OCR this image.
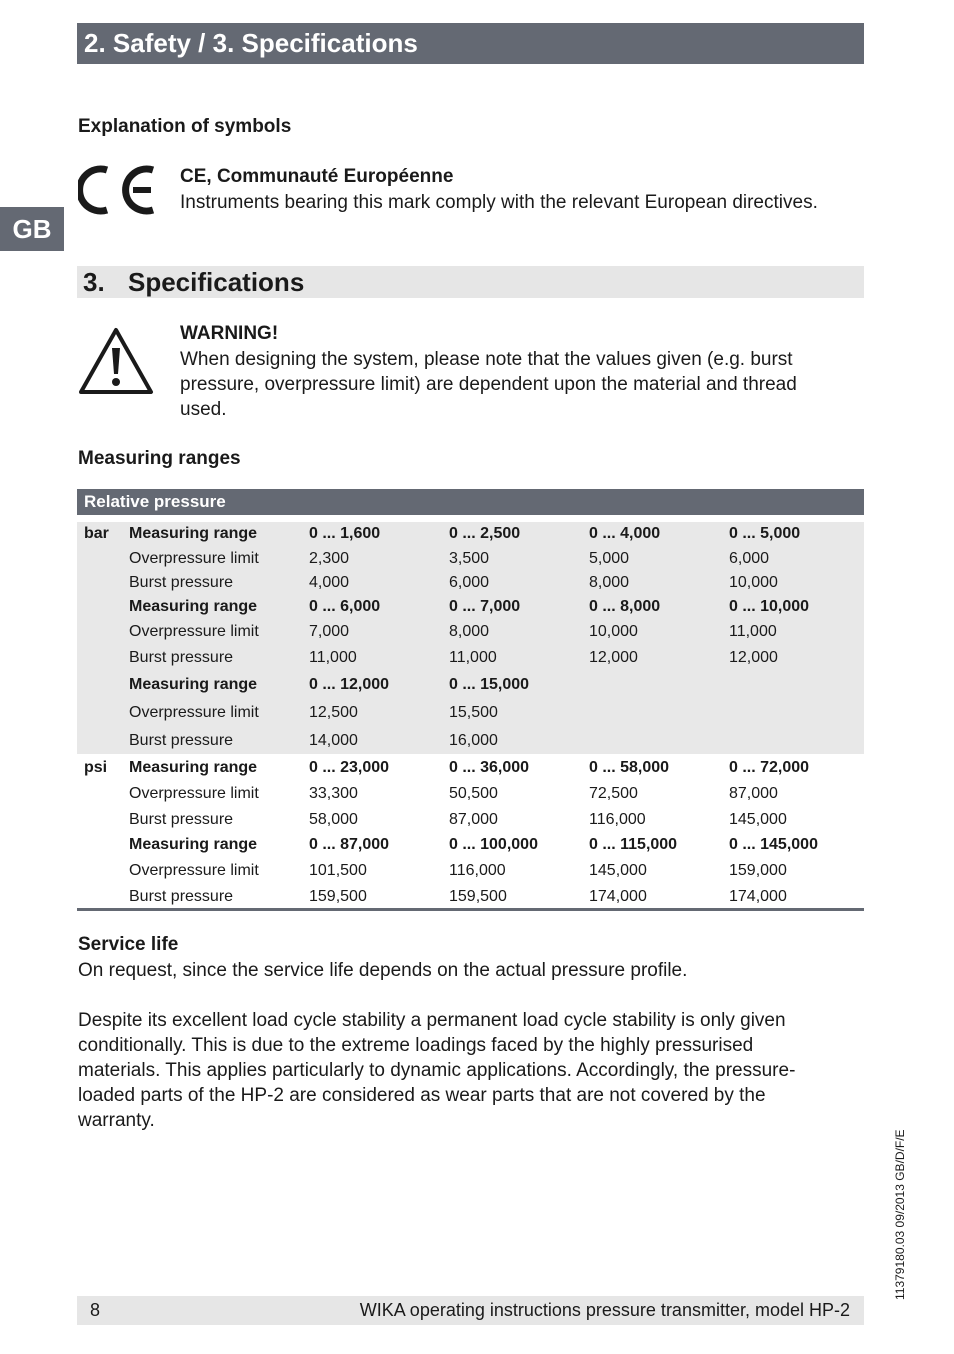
2. Safety / 3. Specifications
GB
Explanation of symbols
CE, Communauté Européenne
Instruments bearing this mark comply with the relevant European directives.
3. Specifications
WARNING!
When designing the system, please note that the values given (e.g. burst
pressure, overpressure limit) are dependent upon the material and thread
used.
Measuring ranges
Relative pressure
bar Measuring range	0 ... 1,600	0 ... 2,500	0 ... 4,000	0 ... 5,000
Overpressure limit	2,300	3,500	5,000	6,000
Burst pressure	4,000	6,000	8,000	10,000
Measuring range	0 ... 6,000	0 ... 7,000	0 ... 8,000	0 ... 10,000
Overpressure limit	7,000	8,000	10,000	11,000
Burst pressure	11,000	11,000	12,000	12,000
Measuring range	0 ... 12,000	0 ... 15,000
Overpressure limit	12,500	15,500
Burst pressure	14,000	16,000
psi Measuring range	0 ... 23,000	0 ... 36,000	0 ... 58,000	0 ... 72,000
Overpressure limit	33,300	50,500	72,500	87,000
Burst pressure	58,000	87,000	116,000	145,000
Measuring range	0 ... 87,000	0 ... 100,000	0 ... 115,000	0 ... 145,000
Overpressure limit	101,500	116,000	145,000	159,000
Burst pressure	159,500	159,500	174,000	174,000
Service life
On request, since the service life depends on the actual pressure profile.
Despite its excellent load cycle stability a permanent load cycle stability is only given
conditionally. This is due to the extreme loadings faced by the highly pressurised
materials. This applies particularly to dynamic applications. Accordingly, the pressure-
loaded parts of the HP-2 are considered as wear parts that are not covered by the
warranty.
11379180.03 09/2013 GB/D/F/E
8	WIKA operating instructions pressure transmitter, model HP-2
